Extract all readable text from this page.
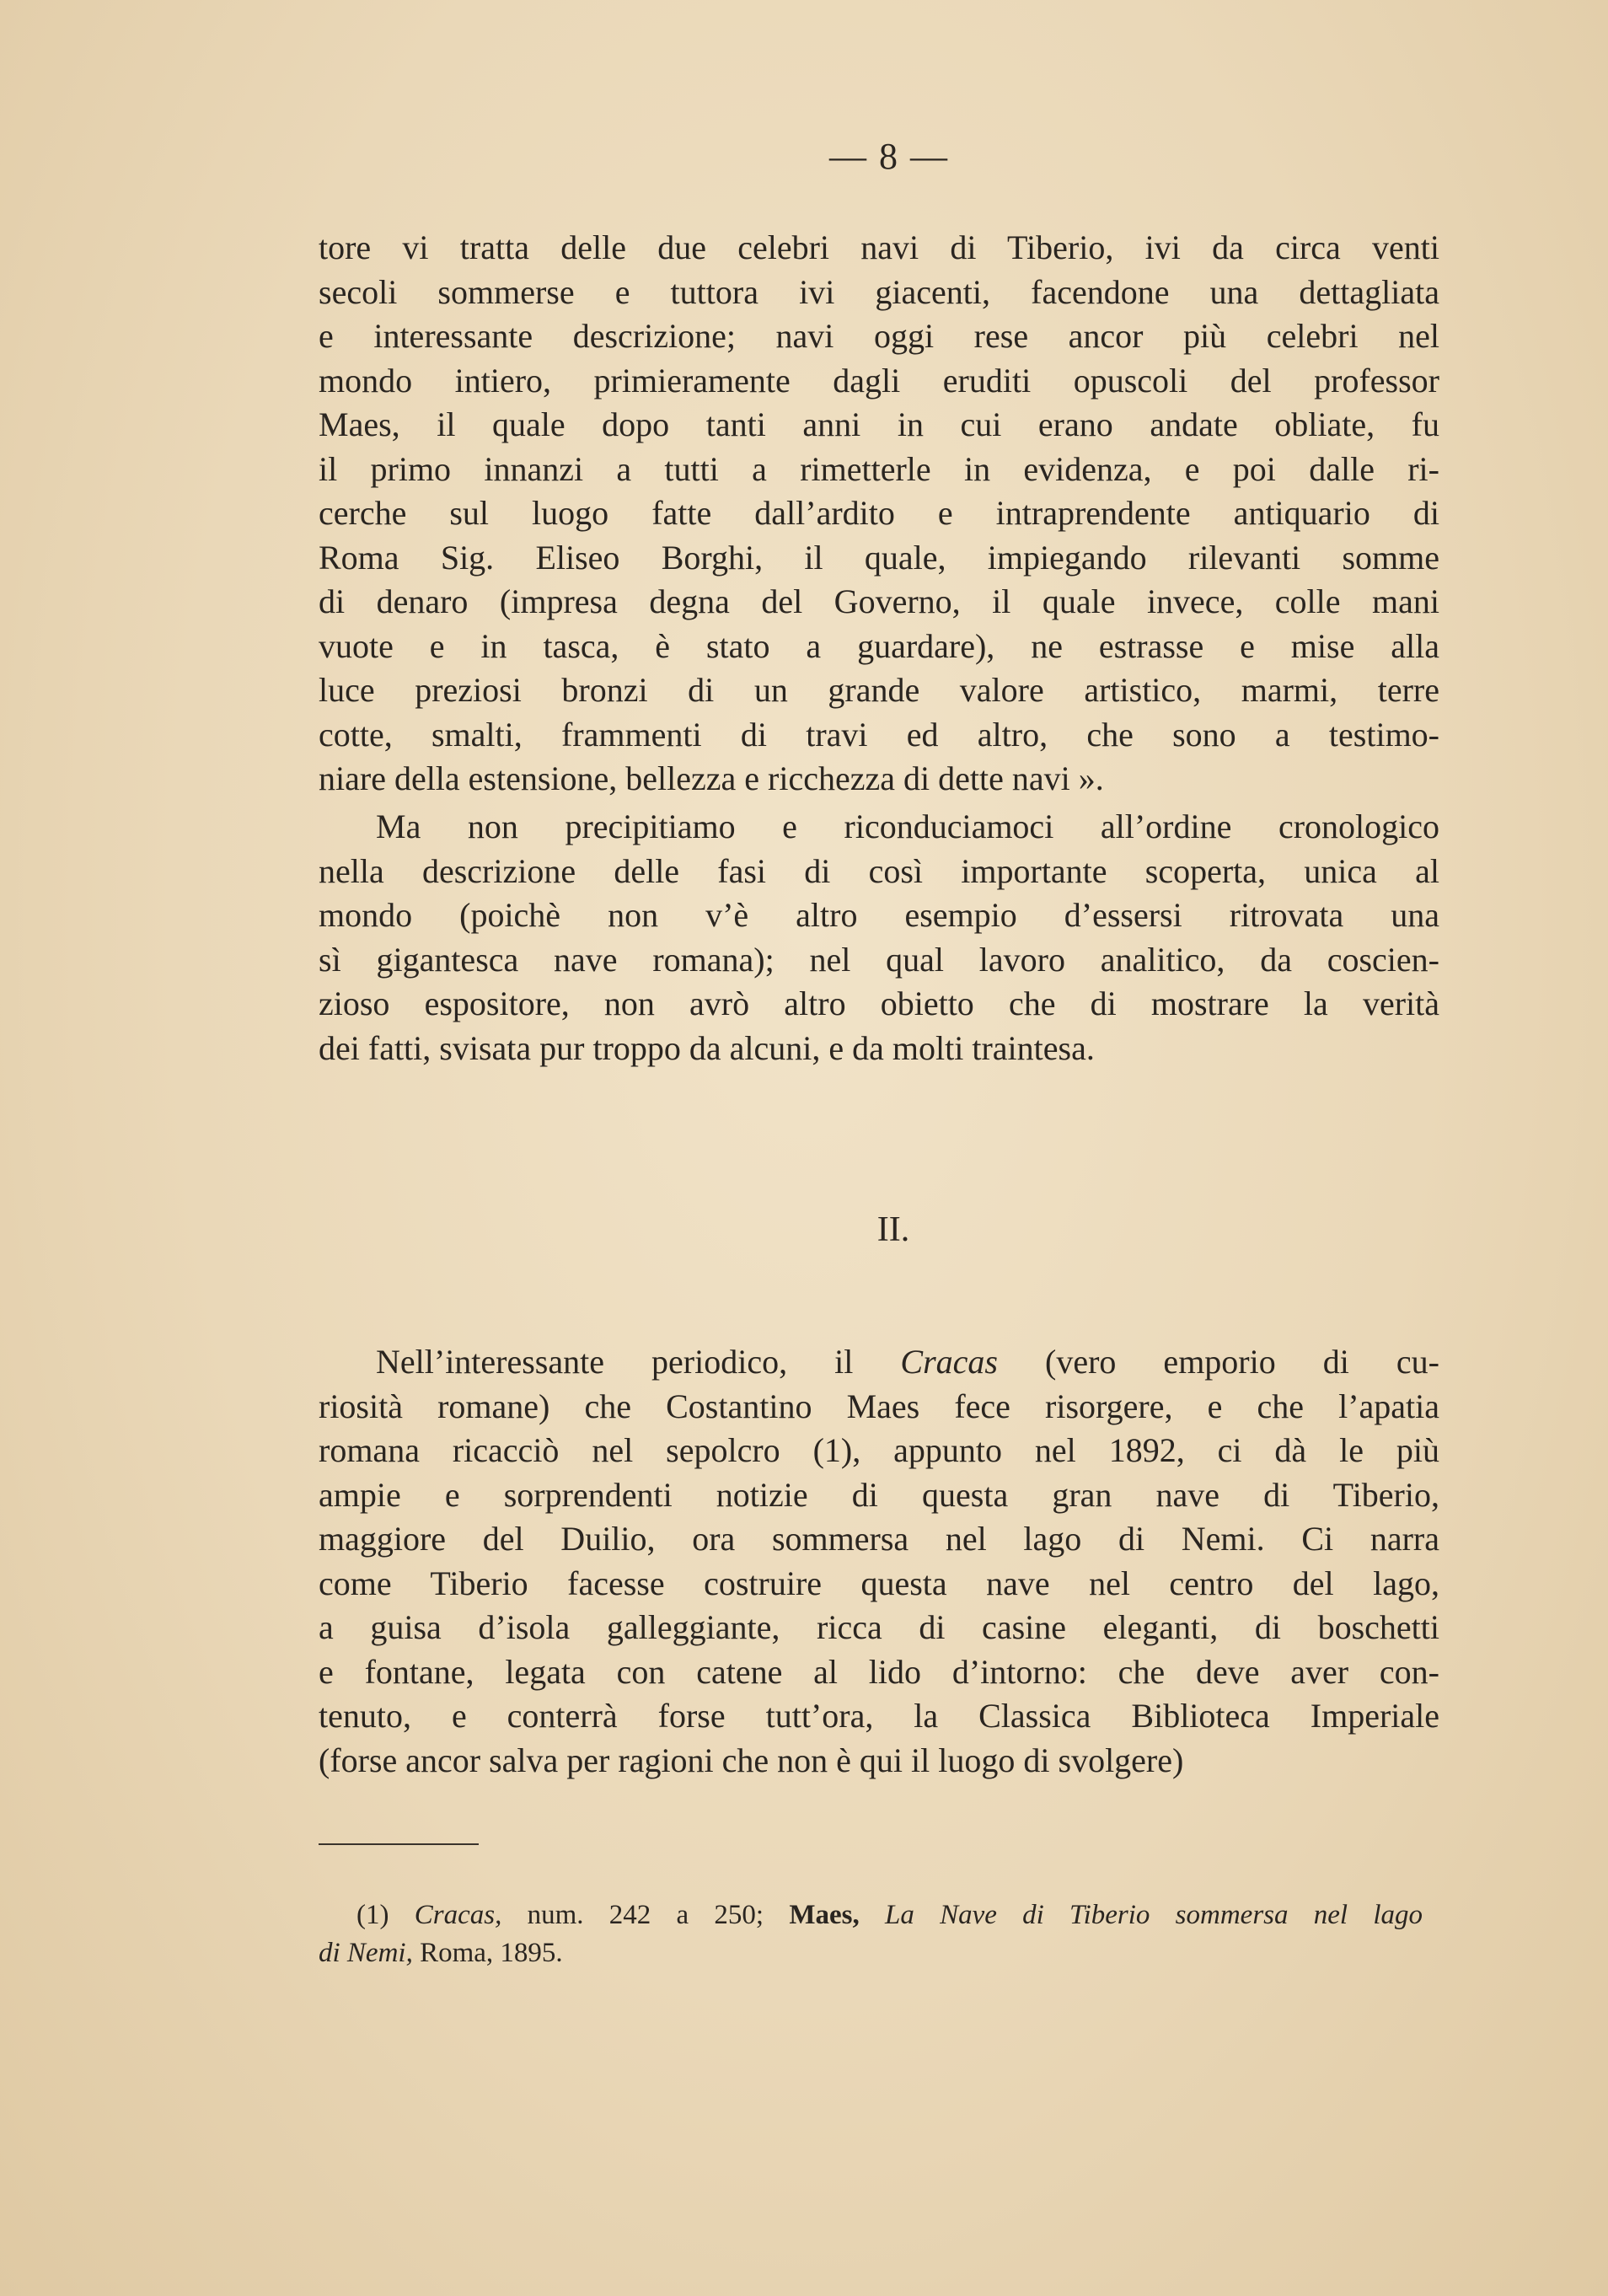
— 8 —
tore vi tratta delle due celebri navi di Tiberio, ivi da circa venti
secoli sommerse e tuttora ivi giacenti, facendone una dettagliata
e interessante descrizione; navi oggi rese ancor più celebri nel
mondo intiero, primieramente dagli eruditi opuscoli del professor
Maes, il quale dopo tanti anni in cui erano andate obliate, fu
il primo innanzi a tutti a rimetterle in evidenza, e poi dalle ri-
cerche sul luogo fatte dall’ardito e intraprendente antiquario di
Roma Sig. Eliseo Borghi, il quale, impiegando rilevanti somme
di denaro (impresa degna del Governo, il quale invece, colle mani
vuote e in tasca, è stato a guardare), ne estrasse e mise alla
luce preziosi bronzi di un grande valore artistico, marmi, terre
cotte, smalti, frammenti di travi ed altro, che sono a testimo-
niare della estensione, bellezza e ricchezza di dette navi ».
Ma non precipitiamo e riconduciamoci all’ordine cronologico
nella descrizione delle fasi di così importante scoperta, unica al
mondo (poichè non v’è altro esempio d’essersi ritrovata una
sì gigantesca nave romana); nel qual lavoro analitico, da coscien-
zioso espositore, non avrò altro obietto che di mostrare la verità
dei fatti, svisata pur troppo da alcuni, e da molti traintesa.
II.
Nell’interessante periodico, il Cracas (vero emporio di cu-
riosità romane) che Costantino Maes fece risorgere, e che l’apatia
romana ricacciò nel sepolcro (1), appunto nel 1892, ci dà le più
ampie e sorprendenti notizie di questa gran nave di Tiberio,
maggiore del Duilio, ora sommersa nel lago di Nemi. Ci narra
come Tiberio facesse costruire questa nave nel centro del lago,
a guisa d’isola galleggiante, ricca di casine eleganti, di boschetti
e fontane, legata con catene al lido d’intorno: che deve aver con-
tenuto, e conterrà forse tutt’ora, la Classica Biblioteca Imperiale
(forse ancor salva per ragioni che non è qui il luogo di svolgere)
(1) Cracas, num. 242 a 250; Maes, La Nave di Tiberio sommersa nel lago
di Nemi, Roma, 1895.
